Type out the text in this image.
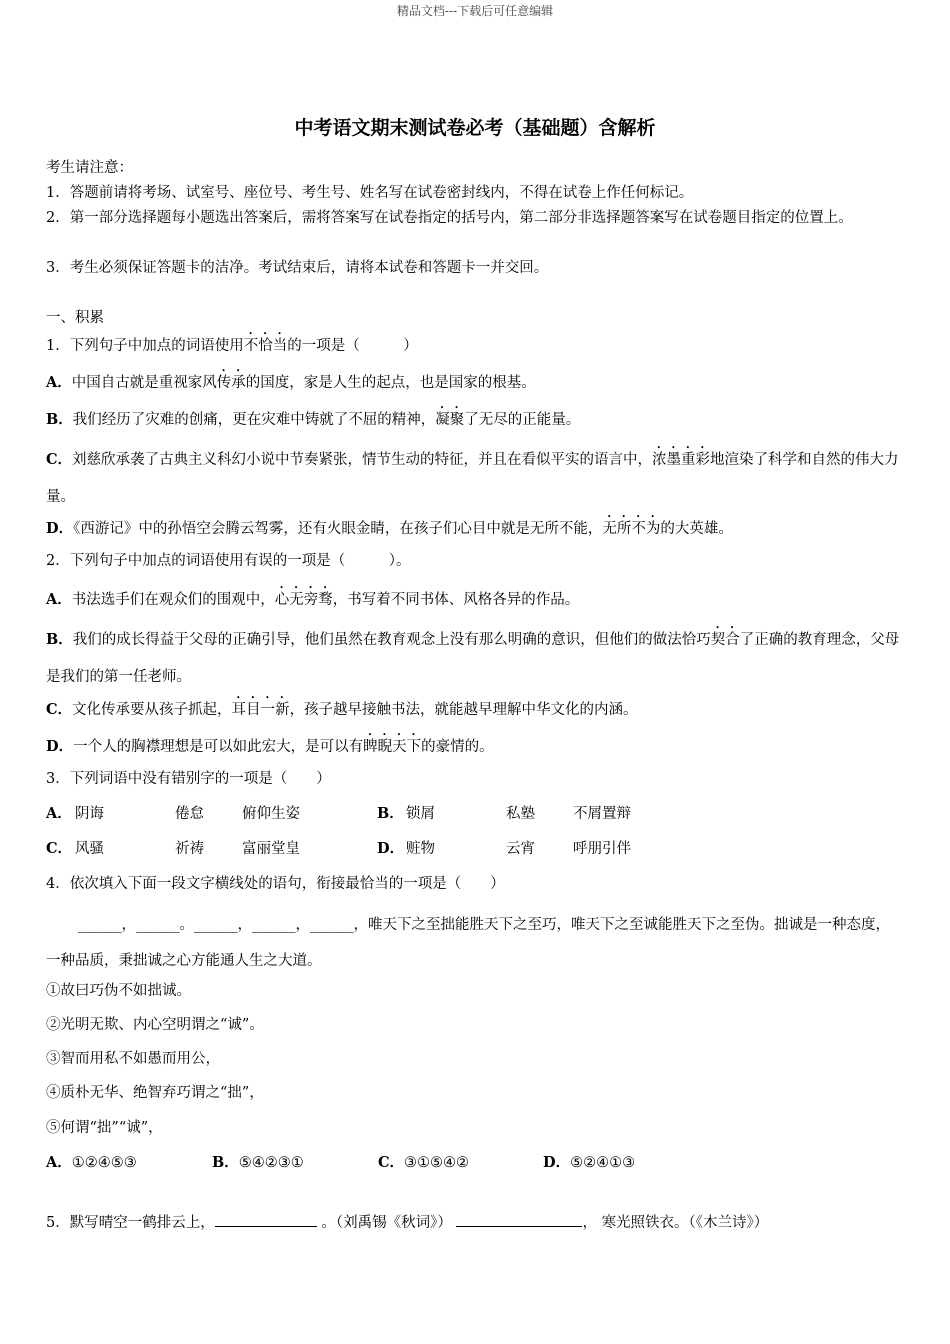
精品文档---下载后可任意编辑
中考语文期末测试卷必考（基础题）含解析
考生请注意：
1．答题前请将考场、试室号、座位号、考生号、姓名写在试卷密封线内，不得在试卷上作任何标记。
2．第一部分选择题每小题选出答案后，需将答案写在试卷指定的括号内，第二部分非选择题答案写在试卷题目指定的位置上。
3．考生必须保证答题卡的洁净。考试结束后，请将本试卷和答题卡一并交回。
一、积累
1．下列句子中加点的词语使用不恰当的一项是（　　　）
A．中国自古就是重视家风传承的国度，家是人生的起点，也是国家的根基。
B．我们经历了灾难的创痛，更在灾难中铸就了不屈的精神，凝聚了无尽的正能量。
C．刘慈欣承袭了古典主义科幻小说中节奏紧张，情节生动的特征，并且在看似平实的语言中，浓墨重彩地渲染了科学和自然的伟大力量。
D．《西游记》中的孙悟空会腾云驾雾，还有火眼金睛，在孩子们心目中就是无所不能，无所不为的大英雄。
2．下列句子中加点的词语使用有误的一项是（　　　）。
A．书法选手们在观众们的围观中，心无旁骛，书写着不同书体、风格各异的作品。
B．我们的成长得益于父母的正确引导，他们虽然在教育观念上没有那么明确的意识，但他们的做法恰巧契合了正确的教育理念，父母是我们的第一任老师。
C．文化传承要从孩子抓起，耳目一新，孩子越早接触书法，就能越早理解中华文化的内涵。
D．一个人的胸襟理想是可以如此宏大，是可以有睥睨天下的豪情的。
3．下列词语中没有错别字的一项是（　　）
A． 阴诲	倦怠	俯仰生姿	B． 锁屑	私塾	不屑置辩
C． 风骚	祈祷	富丽堂皇	D． 赃物	云宵	呼朋引伴
4．依次填入下面一段文字横线处的语句，衔接最恰当的一项是（　　）
______，______。______，______，______，唯天下之至拙能胜天下之至巧，唯天下之至诚能胜天下之至伪。拙诚是一种态度，一种品质，秉拙诚之心方能通人生之大道。
①故曰巧伪不如拙诚。
②光明无欺、内心空明谓之“诚”。
③智而用私不如愚而用公，
④质朴无华、绝智弃巧谓之“拙”，
⑤何谓“拙”“诚”，
A．①②④⑤③	B．⑤④②③①	C．③①⑤④②	D．⑤②④①③
5．默写晴空一鹤排云上，	。（刘禹锡《秋词》）	， 寒光照铁衣。（《木兰诗》）
